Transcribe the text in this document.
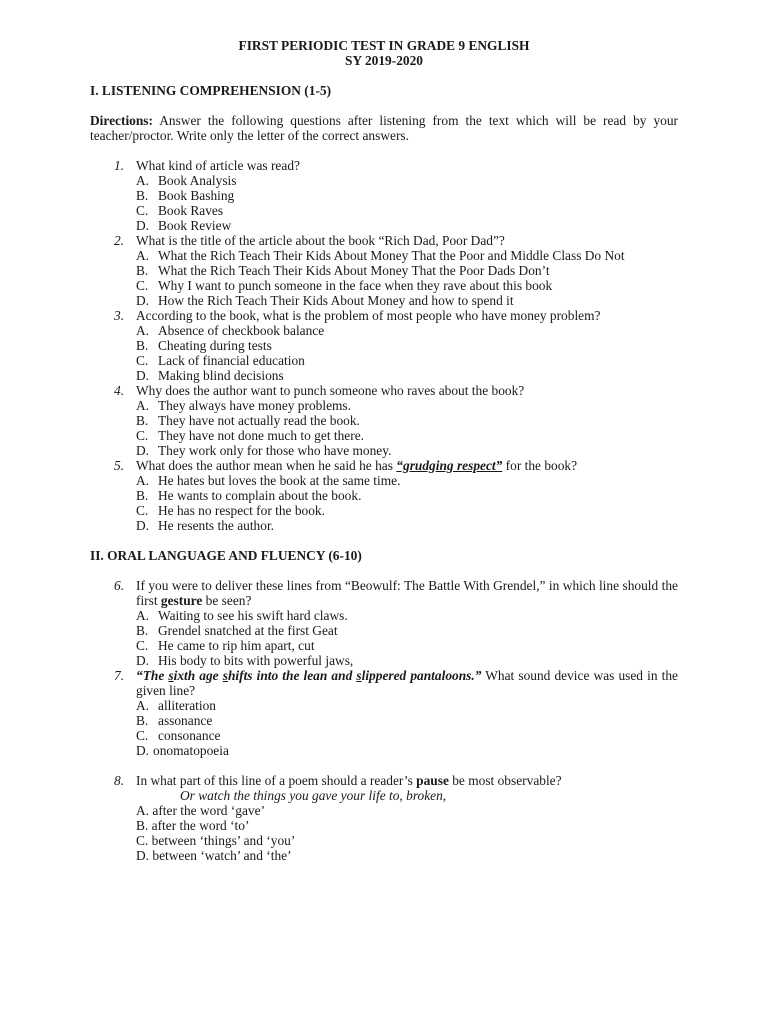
FIRST PERIODIC TEST IN GRADE 9 ENGLISH

SY 2019-2020

I. LISTENING COMPREHENSION (1-5)

Directions: Answer the following questions after listening from the text which will be read by your teacher/proctor. Write only the letter of the correct answers.

1. What kind of article was read?
A. Book Analysis
B. Book Bashing
C. Book Raves
D. Book Review
2. What is the title of the article about the book “Rich Dad, Poor Dad”?
A. What the Rich Teach Their Kids About Money That the Poor and Middle Class Do Not
B. What the Rich Teach Their Kids About Money That the Poor Dads Don’t
C. Why I want to punch someone in the face when they rave about this book
D. How the Rich Teach Their Kids About Money and how to spend it
3. According to the book, what is the problem of most people who have money problem?
A. Absence of checkbook balance
B. Cheating during tests
C. Lack of financial education
D. Making blind decisions
4. Why does the author want to punch someone who raves about the book?
A. They always have money problems.
B. They have not actually read the book.
C. They have not done much to get there.
D. They work only for those who have money.
5. What does the author mean when he said he has “grudging respect” for the book?
A. He hates but loves the book at the same time.
B. He wants to complain about the book.
C. He has no respect for the book.
D. He resents the author.

II. ORAL LANGUAGE AND FLUENCY (6-10)

6. If you were to deliver these lines from “Beowulf: The Battle With Grendel,” in which line should the first gesture be seen?
A. Waiting to see his swift hard claws.
B. Grendel snatched at the first Geat
C. He came to rip him apart, cut
D. His body to bits with powerful jaws,
7. “The sixth age shifts into the lean and slippered pantaloons.” What sound device was used in the given line?
A. alliteration
B. assonance
C. consonance
D. onomatopoeia
8. In what part of this line of a poem should a reader’s pause be most observable?
Or watch the things you gave your life to, broken,
A. after the word ‘gave’
B. after the word ‘to’
C. between ‘things’ and ‘you’
D. between ‘watch’ and ‘the’
